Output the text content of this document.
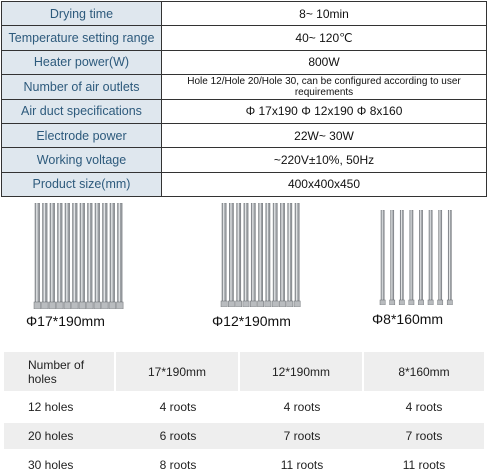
Drying time	8~ 10min
Temperature setting range	40~ 120℃
Heater power(W)	800W
Number of air outlets	Hole 12/Hole 20/Hole 30, can be configured according to user requirements
Air duct specifications	Φ 17x190 Φ 12x190 Φ 8x160
Electrode power	22W~ 30W
Working voltage	~220V±10%, 50Hz
Product size(mm)	400x400x450
Φ17*190mm	Φ12*190mm	Φ8*160mm
Number of holes	17*190mm	12*190mm	8*160mm
12 holes	4 roots	4 roots	4 roots
20 holes	6 roots	7 roots	7 roots
30 holes	8 roots	11 roots	11 roots
